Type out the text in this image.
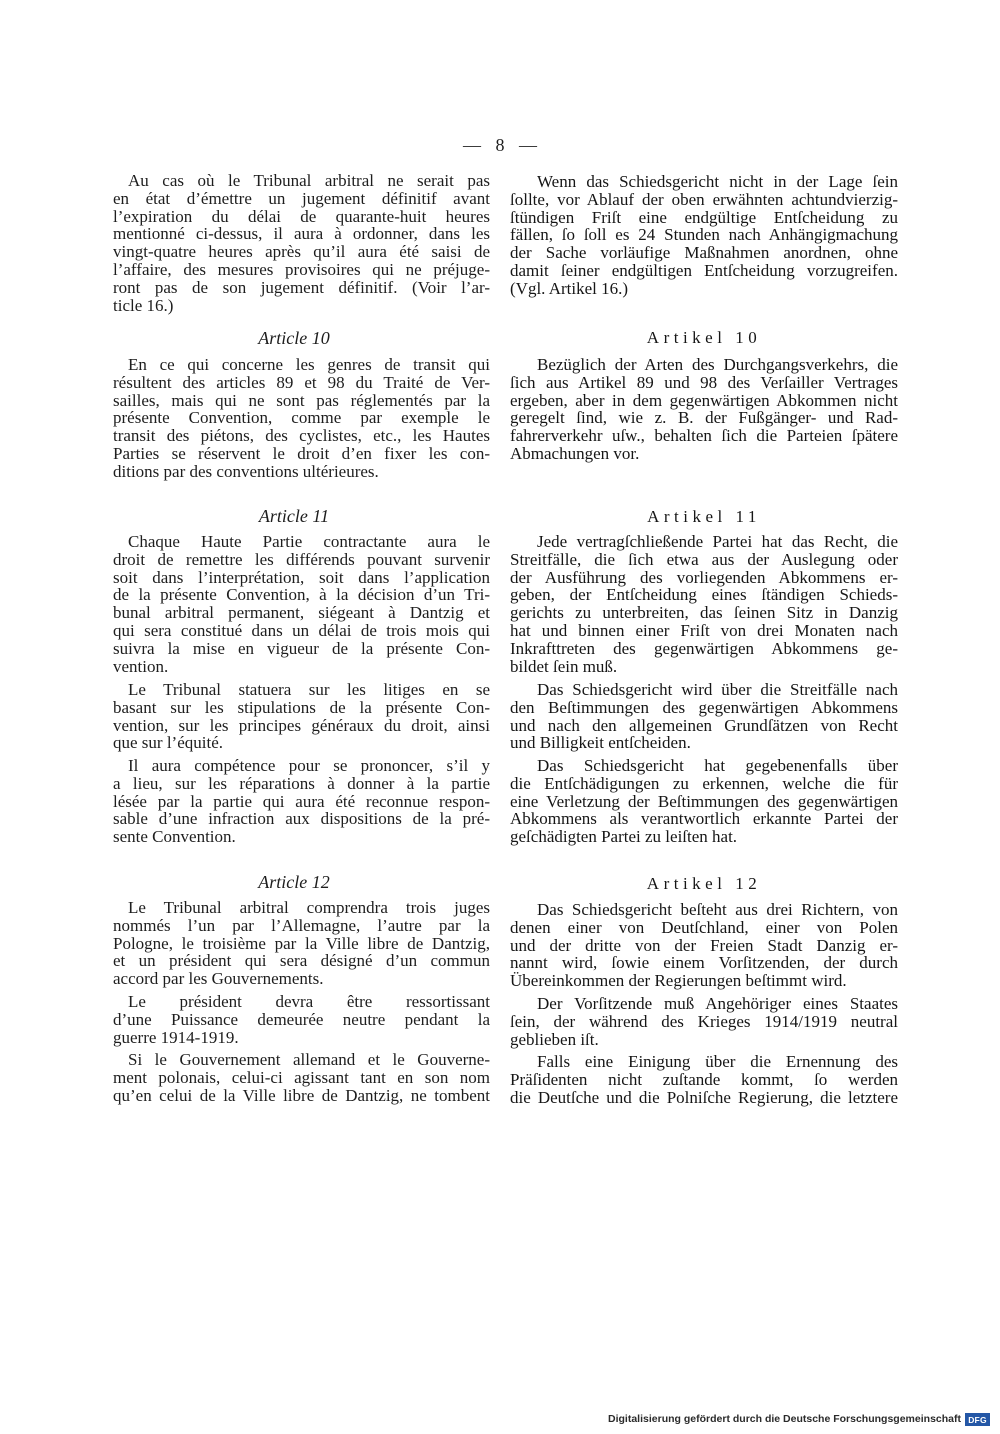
— 8 —
Au cas où le Tribunal arbitral ne serait pas
en état d’émettre un jugement définitif avant
l’expiration du délai de quarante-huit heures
mentionné ci-dessus, il aura à ordonner, dans les
vingt-quatre heures après qu’il aura été saisi de
l’affaire, des mesures provisoires qui ne préjuge-
ront pas de son jugement définitif. (Voir l’ar-
ticle 16.)
Article 10
En ce qui concerne les genres de transit qui
résultent des articles 89 et 98 du Traité de Ver-
sailles, mais qui ne sont pas réglementés par la
présente Convention, comme par exemple le
transit des piétons, des cyclistes, etc., les Hautes
Parties se réservent le droit d’en fixer les con-
ditions par des conventions ultérieures.
Article 11
Chaque Haute Partie contractante aura le
droit de remettre les différends pouvant survenir
soit dans l’interprétation, soit dans l’application
de la présente Convention, à la décision d’un Tri-
bunal arbitral permanent, siégeant à Dantzig et
qui sera constitué dans un délai de trois mois qui
suivra la mise en vigueur de la présente Con-
vention.
Le Tribunal statuera sur les litiges en se
basant sur les stipulations de la présente Con-
vention, sur les principes généraux du droit, ainsi
que sur l’équité.
Il aura compétence pour se prononcer, s’il y
a lieu, sur les réparations à donner à la partie
lésée par la partie qui aura été reconnue respon-
sable d’une infraction aux dispositions de la pré-
sente Convention.
Article 12
Le Tribunal arbitral comprendra trois juges
nommés l’un par l’Allemagne, l’autre par la
Pologne, le troisième par la Ville libre de Dantzig,
et un président qui sera désigné d’un commun
accord par les Gouvernements.
Le président devra être ressortissant
d’une Puissance demeurée neutre pendant la
guerre 1914-1919.
Si le Gouvernement allemand et le Gouverne-
ment polonais, celui-ci agissant tant en son nom
qu’en celui de la Ville libre de Dantzig, ne tombent
Wenn das Schiedsgericht nicht in der Lage ſein
ſollte, vor Ablauf der oben erwähnten achtundvierzig-
ſtündigen Friſt eine endgültige Entſcheidung zu
fällen, ſo ſoll es 24 Stunden nach Anhängigmachung
der Sache vorläufige Maßnahmen anordnen, ohne
damit ſeiner endgültigen Entſcheidung vorzugreifen.
(Vgl. Artikel 16.)
Artikel 10
Bezüglich der Arten des Durchgangsverkehrs, die
ſich aus Artikel 89 und 98 des Verſailler Vertrages
ergeben, aber in dem gegenwärtigen Abkommen nicht
geregelt ſind, wie z. B. der Fußgänger- und Rad-
fahrerverkehr uſw., behalten ſich die Parteien ſpätere
Abmachungen vor.
Artikel 11
Jede vertragſchließende Partei hat das Recht, die
Streitfälle, die ſich etwa aus der Auslegung oder
der Ausführung des vorliegenden Abkommens er-
geben, der Entſcheidung eines ſtändigen Schieds-
gerichts zu unterbreiten, das ſeinen Sitz in Danzig
hat und binnen einer Friſt von drei Monaten nach
Inkrafttreten des gegenwärtigen Abkommens ge-
bildet ſein muß.
Das Schiedsgericht wird über die Streitfälle nach
den Beſtimmungen des gegenwärtigen Abkommens
und nach den allgemeinen Grundſätzen von Recht
und Billigkeit entſcheiden.
Das Schiedsgericht hat gegebenenfalls über
die Entſchädigungen zu erkennen, welche die für
eine Verletzung der Beſtimmungen des gegenwärtigen
Abkommens als verantwortlich erkannte Partei der
geſchädigten Partei zu leiſten hat.
Artikel 12
Das Schiedsgericht beſteht aus drei Richtern, von
denen einer von Deutſchland, einer von Polen
und der dritte von der Freien Stadt Danzig er-
nannt wird, ſowie einem Vorſitzenden, der durch
Übereinkommen der Regierungen beſtimmt wird.
Der Vorſitzende muß Angehöriger eines Staates
ſein, der während des Krieges 1914/1919 neutral
geblieben iſt.
Falls eine Einigung über die Ernennung des
Präſidenten nicht zuſtande kommt, ſo werden
die Deutſche und die Polniſche Regierung, die letztere
Digitalisierung gefördert durch die Deutsche Forschungsgemeinschaft DFG
